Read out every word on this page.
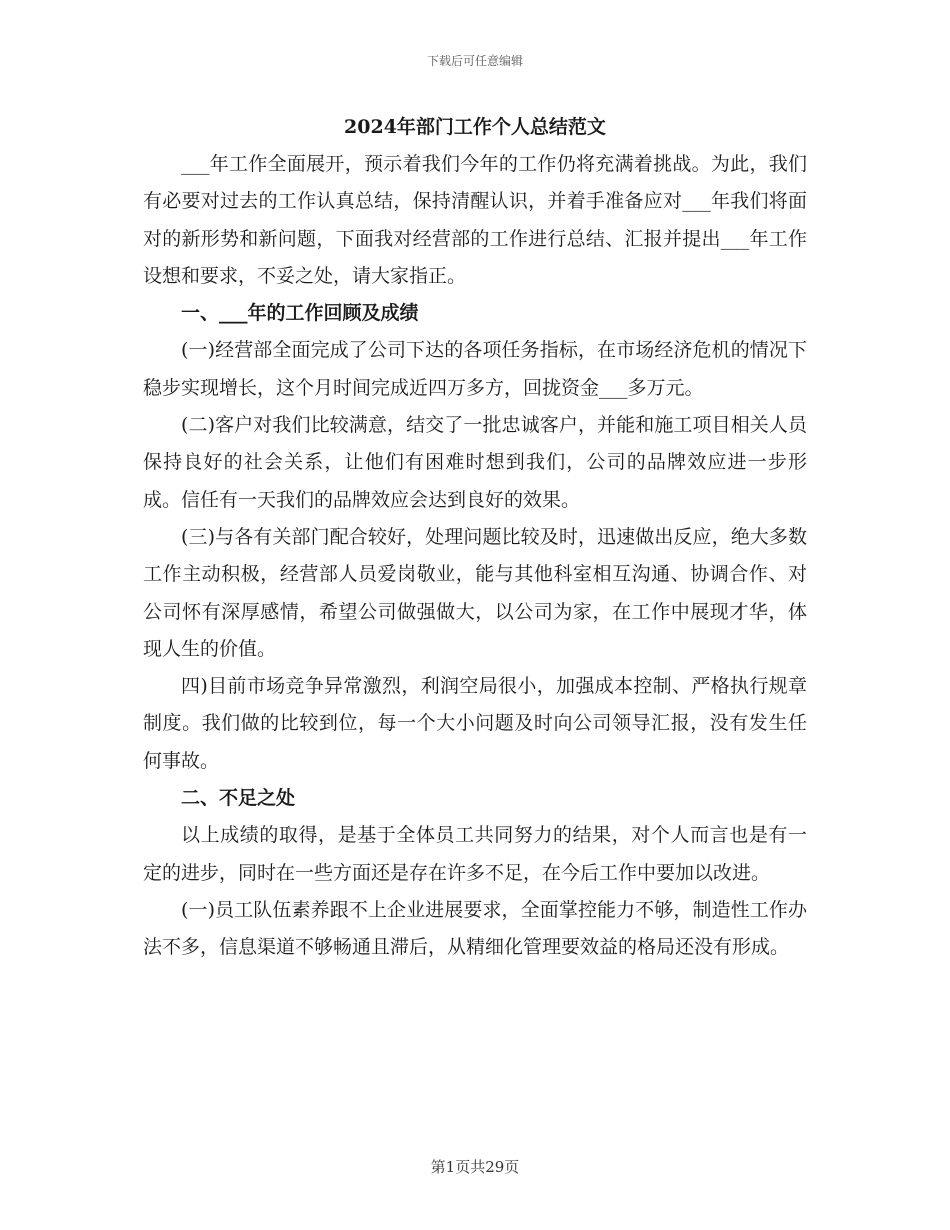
下载后可任意编辑
2024年部门工作个人总结范文

___年工作全面展开，预示着我们今年的工作仍将充满着挑战。为此，我们有必要对过去的工作认真总结，保持清醒认识，并着手准备应对___年我们将面对的新形势和新问题，下面我对经营部的工作进行总结、汇报并提出___年工作设想和要求，不妥之处，请大家指正。

一、___年的工作回顾及成绩

(一)经营部全面完成了公司下达的各项任务指标，在市场经济危机的情况下稳步实现增长，这个月时间完成近四万多方，回拢资金___多万元。

(二)客户对我们比较满意，结交了一批忠诚客户，并能和施工项目相关人员保持良好的社会关系，让他们有困难时想到我们，公司的品牌效应进一步形成。信任有一天我们的品牌效应会达到良好的效果。

(三)与各有关部门配合较好，处理问题比较及时，迅速做出反应，绝大多数工作主动积极，经营部人员爱岗敬业，能与其他科室相互沟通、协调合作、对公司怀有深厚感情，希望公司做强做大，以公司为家，在工作中展现才华，体现人生的价值。

四)目前市场竞争异常激烈，利润空局很小，加强成本控制、严格执行规章制度。我们做的比较到位，每一个大小问题及时向公司领导汇报，没有发生任何事故。

二、不足之处

以上成绩的取得，是基于全体员工共同努力的结果，对个人而言也是有一定的进步，同时在一些方面还是存在许多不足，在今后工作中要加以改进。

(一)员工队伍素养跟不上企业进展要求，全面掌控能力不够，制造性工作办法不多，信息渠道不够畅通且滞后，从精细化管理要效益的格局还没有形成。

第1页共29页
